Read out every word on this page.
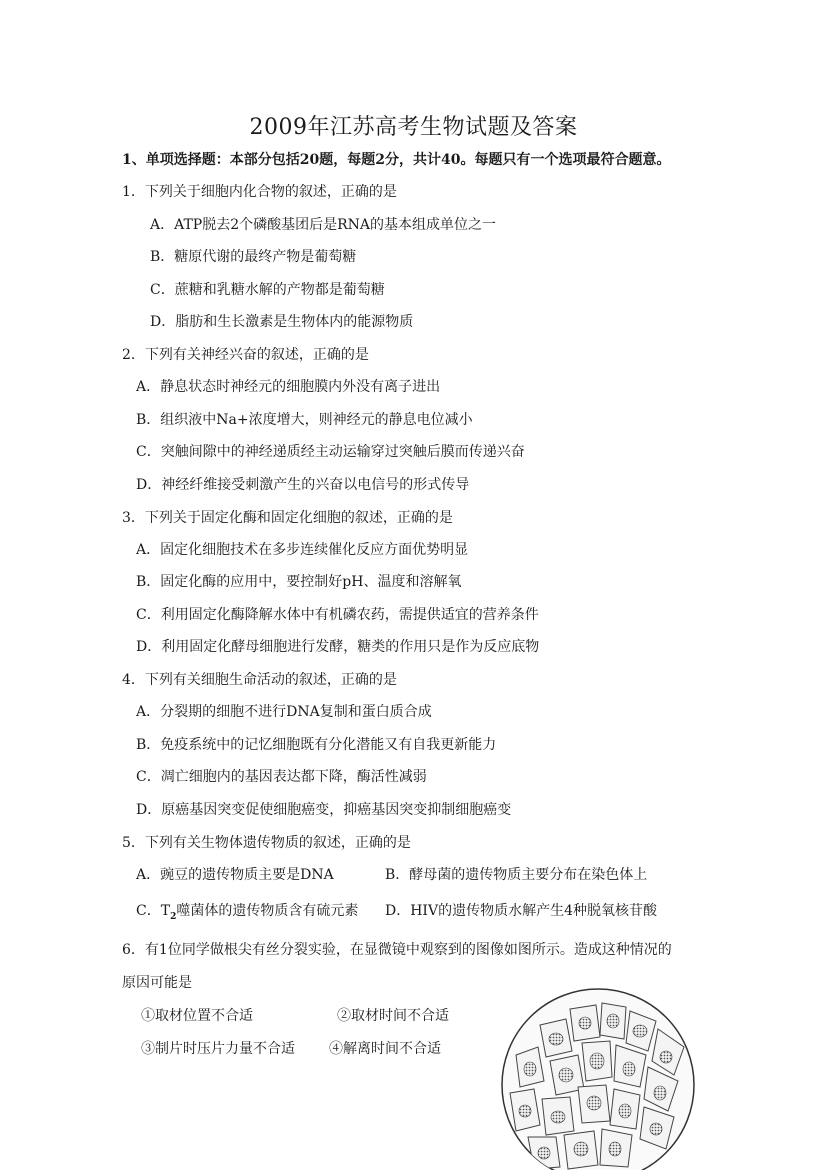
2009年江苏高考生物试题及答案
1、单项选择题：本部分包括20题，每题2分，共计40。每题只有一个选项最符合题意。
1．下列关于细胞内化合物的叙述，正确的是
A．ATP脱去2个磷酸基团后是RNA的基本组成单位之一
B．糖原代谢的最终产物是葡萄糖
C．蔗糖和乳糖水解的产物都是葡萄糖
D．脂肪和生长激素是生物体内的能源物质
2．下列有关神经兴奋的叙述，正确的是
A．静息状态时神经元的细胞膜内外没有离子进出
B．组织液中Na+浓度增大，则神经元的静息电位减小
C．突触间隙中的神经递质经主动运输穿过突触后膜而传递兴奋
D．神经纤维接受刺激产生的兴奋以电信号的形式传导
3．下列关于固定化酶和固定化细胞的叙述，正确的是
A．固定化细胞技术在多步连续催化反应方面优势明显
B．固定化酶的应用中，要控制好pH、温度和溶解氧
C．利用固定化酶降解水体中有机磷农药，需提供适宜的营养条件
D．利用固定化酵母细胞进行发酵，糖类的作用只是作为反应底物
4．下列有关细胞生命活动的叙述，正确的是
A．分裂期的细胞不进行DNA复制和蛋白质合成
B．免疫系统中的记忆细胞既有分化潜能又有自我更新能力
C．凋亡细胞内的基因表达都下降，酶活性减弱
D．原癌基因突变促使细胞癌变，抑癌基因突变抑制细胞癌变
5．下列有关生物体遗传物质的叙述，正确的是
A．豌豆的遗传物质主要是DNA	B．酵母菌的遗传物质主要分布在染色体上
C．$T_2$噬菌体的遗传物质含有硫元素 D．HIV的遗传物质水解产生4种脱氧核苷酸
6．有1位同学做根尖有丝分裂实验，在显微镜中观察到的图像如图所示。造成这种情况的
原因可能是
①取材位置不合适	②取材时间不合适
③制片时压片力量不合适 ④解离时间不合适
